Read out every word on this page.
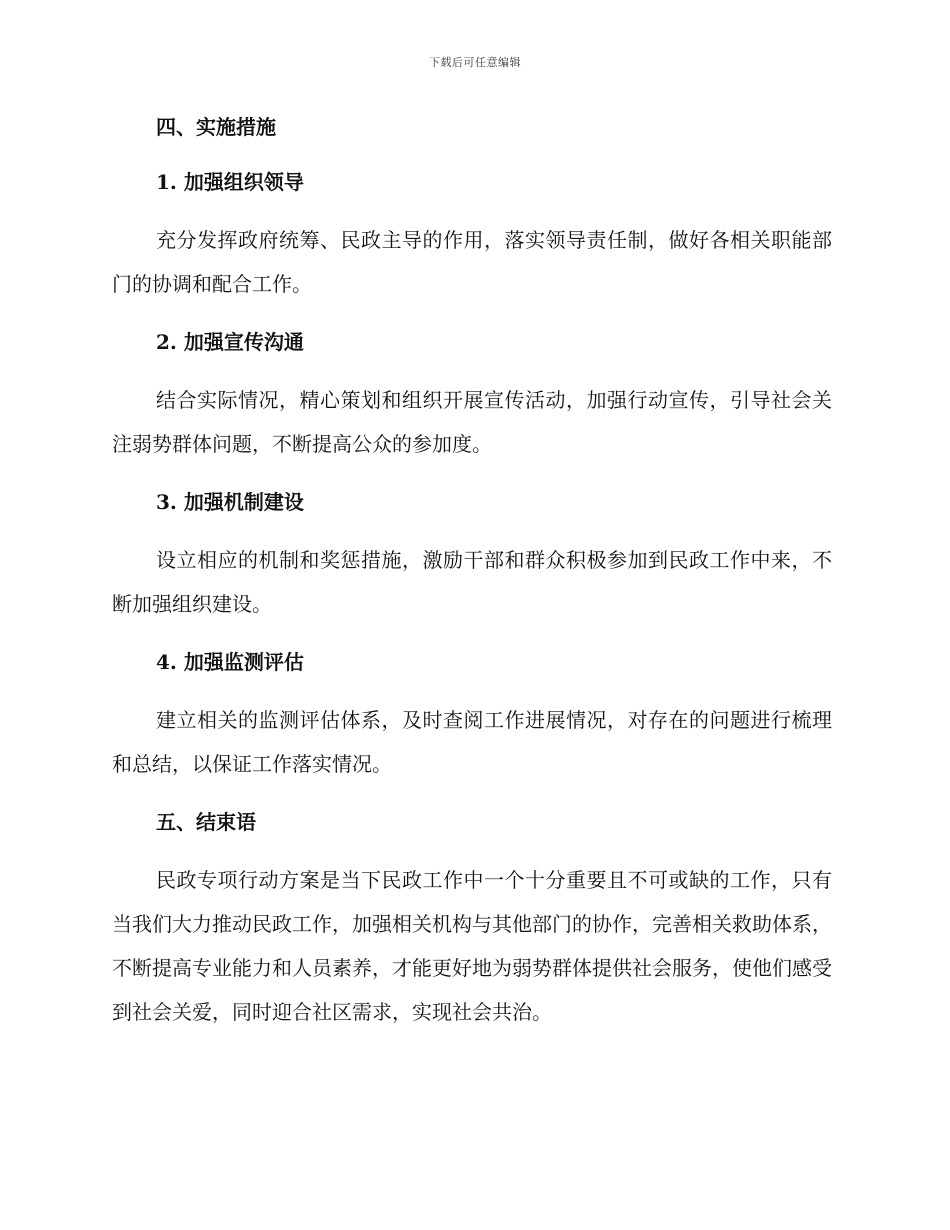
下载后可任意编辑
四、实施措施
1. 加强组织领导

充分发挥政府统筹、民政主导的作用，落实领导责任制，做好各相关职能部门的协调和配合工作。

2. 加强宣传沟通

结合实际情况，精心策划和组织开展宣传活动，加强行动宣传，引导社会关注弱势群体问题，不断提高公众的参加度。

3. 加强机制建设

设立相应的机制和奖惩措施，激励干部和群众积极参加到民政工作中来，不断加强组织建设。

4. 加强监测评估

建立相关的监测评估体系，及时查阅工作进展情况，对存在的问题进行梳理和总结，以保证工作落实情况。

五、结束语

民政专项行动方案是当下民政工作中一个十分重要且不可或缺的工作，只有当我们大力推动民政工作，加强相关机构与其他部门的协作，完善相关救助体系，不断提高专业能力和人员素养，才能更好地为弱势群体提供社会服务，使他们感受到社会关爱，同时迎合社区需求，实现社会共治。
